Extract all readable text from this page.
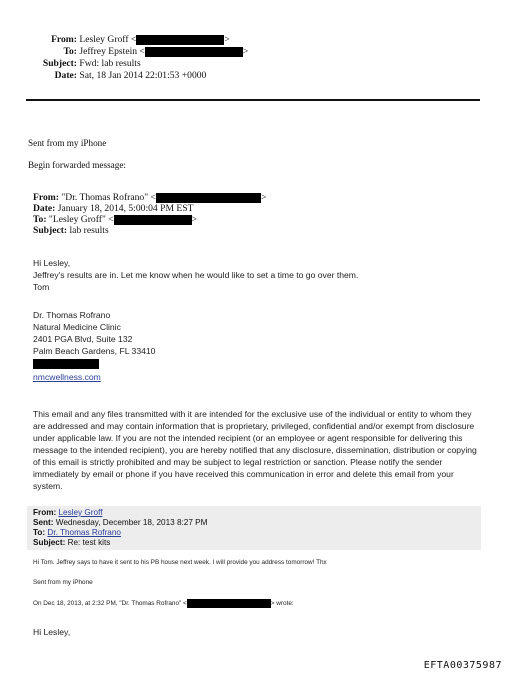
From: Lesley Groff <	>
To: Jeffrey Epstein <	>
Subject: Fwd: lab results
Date: Sat, 18 Jan 2014 22:01:53 +0000
Sent from my iPhone
Begin forwarded message:
From: "Dr. Thomas Rofrano" <	>
Date: January 18, 2014, 5:00:04 PM EST
To: "Lesley Groff" <	>
Subject: lab results
Hi Lesley,
Jeffrey's results are in. Let me know when he would like to set a time to go over them.
Tom
Dr. Thomas Rofrano
Natural Medicine Clinic
2401 PGA Blvd, Suite 132
Palm Beach Gardens, FL 33410
nmcwellness.com
This email and any files transmitted with it are intended for the exclusive use of the individual or entity to whom they are addressed and may contain information that is proprietary, privileged, confidential and/or exempt from disclosure under applicable law. If you are not the intended recipient (or an employee or agent responsible for delivering this message to the intended recipient), you are hereby notified that any disclosure, dissemination, distribution or copying of this email is strictly prohibited and may be subject to legal restriction or sanction. Please notify the sender immediately by email or phone if you have received this communication in error and delete this email from your system.
From: Lesley Groff
Sent: Wednesday, December 18, 2013 8:27 PM
To: Dr. Thomas Rofrano
Subject: Re: test kits
Hi Tom. Jeffrey says to have it sent to his PB house next week. I will provide you address tomorrow! Thx
Sent from my iPhone
On Dec 18, 2013, at 2:32 PM, "Dr. Thomas Rofrano" <	> wrote:
Hi Lesley,
EFTA00375987
